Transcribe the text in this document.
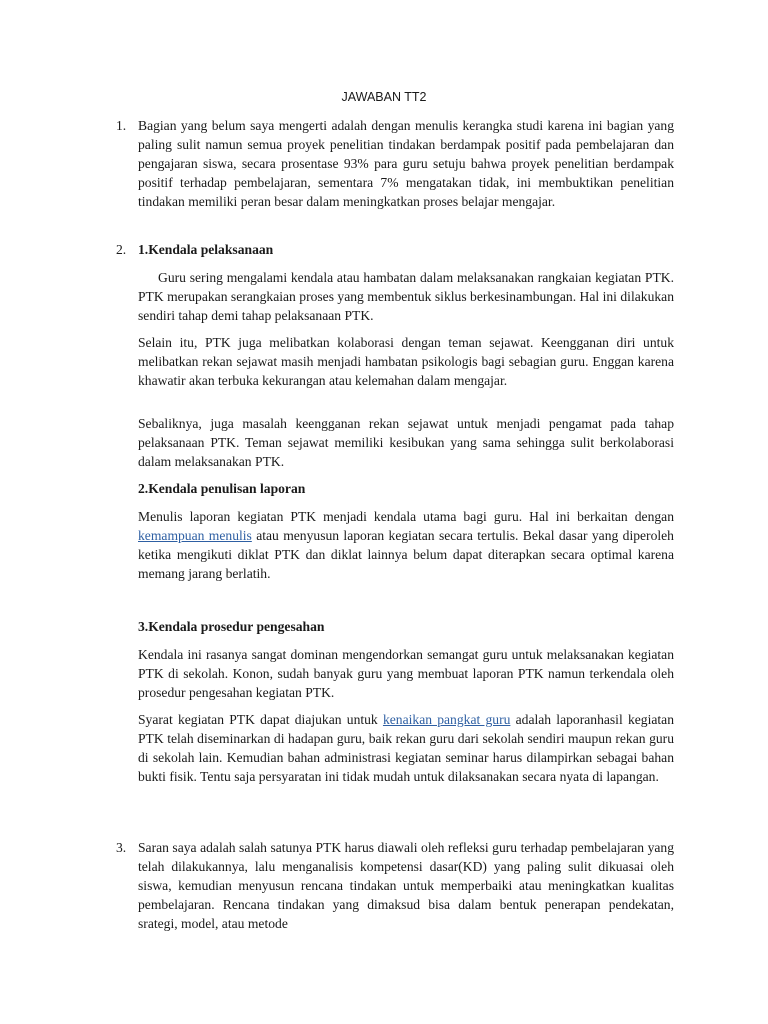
JAWABAN TT2
1. Bagian yang belum saya mengerti adalah dengan menulis kerangka studi karena ini bagian yang paling sulit namun semua proyek penelitian tindakan berdampak positif pada pembelajaran dan pengajaran siswa, secara prosentase 93% para guru setuju bahwa proyek penelitian berdampak positif terhadap pembelajaran, sementara 7% mengatakan tidak, ini membuktikan penelitian tindakan memiliki peran besar dalam meningkatkan proses belajar mengajar.

2. 1.Kendala pelaksanaan

Guru sering mengalami kendala atau hambatan dalam melaksanakan rangkaian kegiatan PTK. PTK merupakan serangkaian proses yang membentuk siklus berkesinambungan. Hal ini dilakukan sendiri tahap demi tahap pelaksanaan PTK.

Selain itu, PTK juga melibatkan kolaborasi dengan teman sejawat. Keengganan diri untuk melibatkan rekan sejawat masih menjadi hambatan psikologis bagi sebagian guru. Enggan karena khawatir akan terbuka kekurangan atau kelemahan dalam mengajar.

Sebaliknya, juga masalah keengganan rekan sejawat untuk menjadi pengamat pada tahap pelaksanaan PTK. Teman sejawat memiliki kesibukan yang sama sehingga sulit berkolaborasi dalam melaksanakan PTK.

2.Kendala penulisan laporan

Menulis laporan kegiatan PTK menjadi kendala utama bagi guru. Hal ini berkaitan dengan kemampuan menulis atau menyusun laporan kegiatan secara tertulis. Bekal dasar yang diperoleh ketika mengikuti diklat PTK dan diklat lainnya belum dapat diterapkan secara optimal karena memang jarang berlatih.

3.Kendala prosedur pengesahan

Kendala ini rasanya sangat dominan mengendorkan semangat guru untuk melaksanakan kegiatan PTK di sekolah. Konon, sudah banyak guru yang membuat laporan PTK namun terkendala oleh prosedur pengesahan kegiatan PTK.

Syarat kegiatan PTK dapat diajukan untuk kenaikan pangkat guru adalah laporanhasil kegiatan PTK telah diseminarkan di hadapan guru, baik rekan guru dari sekolah sendiri maupun rekan guru di sekolah lain. Kemudian bahan administrasi kegiatan seminar harus dilampirkan sebagai bahan bukti fisik. Tentu saja persyaratan ini tidak mudah untuk dilaksanakan secara nyata di lapangan.

3. Saran saya adalah salah satunya PTK harus diawali oleh refleksi guru terhadap pembelajaran yang telah dilakukannya, lalu menganalisis kompetensi dasar(KD) yang paling sulit dikuasai oleh siswa, kemudian menyusun rencana tindakan untuk memperbaiki atau meningkatkan kualitas pembelajaran. Rencana tindakan yang dimaksud bisa dalam bentuk penerapan pendekatan, srategi, model, atau metode
